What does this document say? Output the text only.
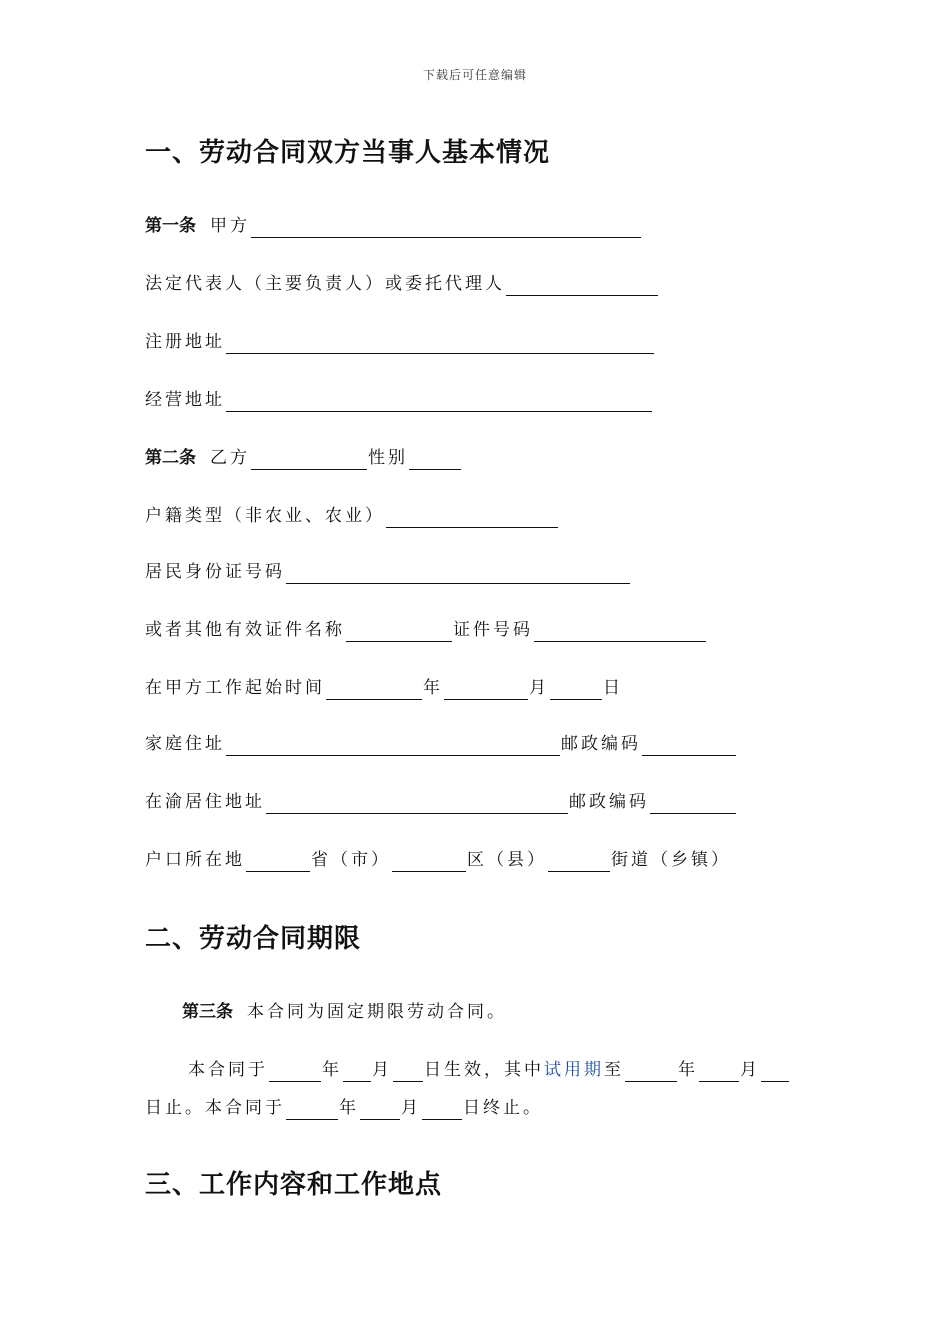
下载后可任意编辑
一、劳动合同双方当事人基本情况
第一条 甲方
法定代表人（主要负责人）或委托代理人
注册地址
经营地址
第二条 乙方	性别
户籍类型（非农业、农业）
居民身份证号码
或者其他有效证件名称	证件号码
在甲方工作起始时间	年	月	日
家庭住址	邮政编码
在渝居住地址	邮政编码
户口所在地	省（市）	区（县）	街道（乡镇）
二、劳动合同期限
第三条 本合同为固定期限劳动合同。
本合同于	年 月 日生效，其中 试用期 至	年 月
日止。本合同于	年 月 日终止。
三、工作内容和工作地点
